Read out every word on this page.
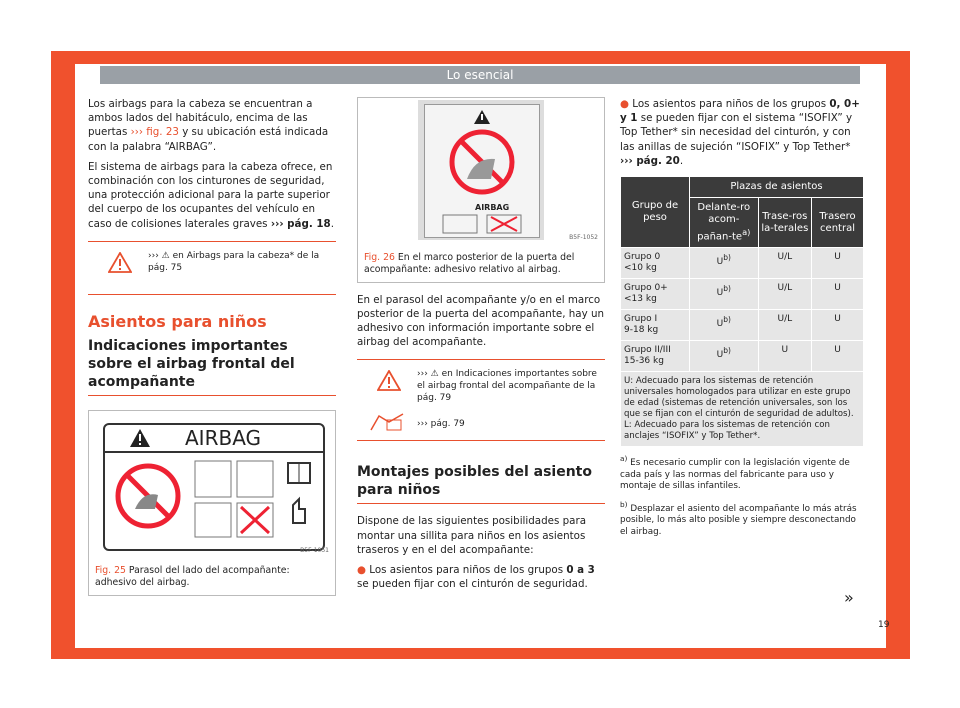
Lo esencial

Los airbags para la cabeza se encuentran a ambos lados del habitáculo, encima de las puertas ››› fig. 23 y su ubicación está indicada con la palabra “AIRBAG”.

El sistema de airbags para la cabeza ofrece, en combinación con los cinturones de seguridad, una protección adicional para la parte superior del cuerpo de los ocupantes del vehículo en caso de colisiones laterales graves ››› pág. 18.

››› ⚠ en Airbags para la cabeza* de la pág. 75
Asientos para niños
Indicaciones importantes sobre el airbag frontal del acompañante
AIRBAG
B5F-1051
Fig. 25 Parasol del lado del acompañante: adhesivo del airbag.
AIRBAG
B5F-1052
Fig. 26 En el marco posterior de la puerta del acompañante: adhesivo relativo al airbag.

En el parasol del acompañante y/o en el marco posterior de la puerta del acompañante, hay un adhesivo con información importante sobre el airbag del acompañante.

››› ⚠ en Indicaciones importantes sobre el airbag frontal del acompañante de la pág. 79
››› pág. 79
Montajes posibles del asiento para niños

Dispone de las siguientes posibilidades para montar una sillita para niños en los asientos traseros y en el del acompañante:

● Los asientos para niños de los grupos 0 a 3 se pueden fijar con el cinturón de seguridad.

● Los asientos para niños de los grupos 0, 0+ y 1 se pueden fijar con el sistema “ISOFIX” y Top Tether* sin necesidad del cinturón, y con las anillas de sujeción “ISOFIX” y Top Tether* ››› pág. 20.

Grupo de peso	Plazas de asientos		
	Delante-ro acom-$pañan-te^{a)}$	Trase-ros la-terales	Trasero central
Grupo 0
<10 kg	$U^{b)}$	U/L	U
Grupo 0+
<13 kg	$U^{b)}$	U/L	U
Grupo I
9-18 kg	$U^{b)}$	U/L	U
Grupo II/III
15-36 kg	$U^{b)}$	U	U
U: Adecuado para los sistemas de retención universales homologados para utilizar en este grupo de edad (sistemas de retención universales, son los que se fijan con el cinturón de seguridad de adultos). L: Adecuado para los sistemas de retención con anclajes “ISOFIX” y Top Tether*.			

$^{a)}$ Es necesario cumplir con la legislación vigente de cada país y las normas del fabricante para uso y montaje de sillas infantiles.

$^{b)}$ Desplazar el asiento del acompañante lo más atrás posible, lo más alto posible y siempre desconectando el airbag.

»
19
